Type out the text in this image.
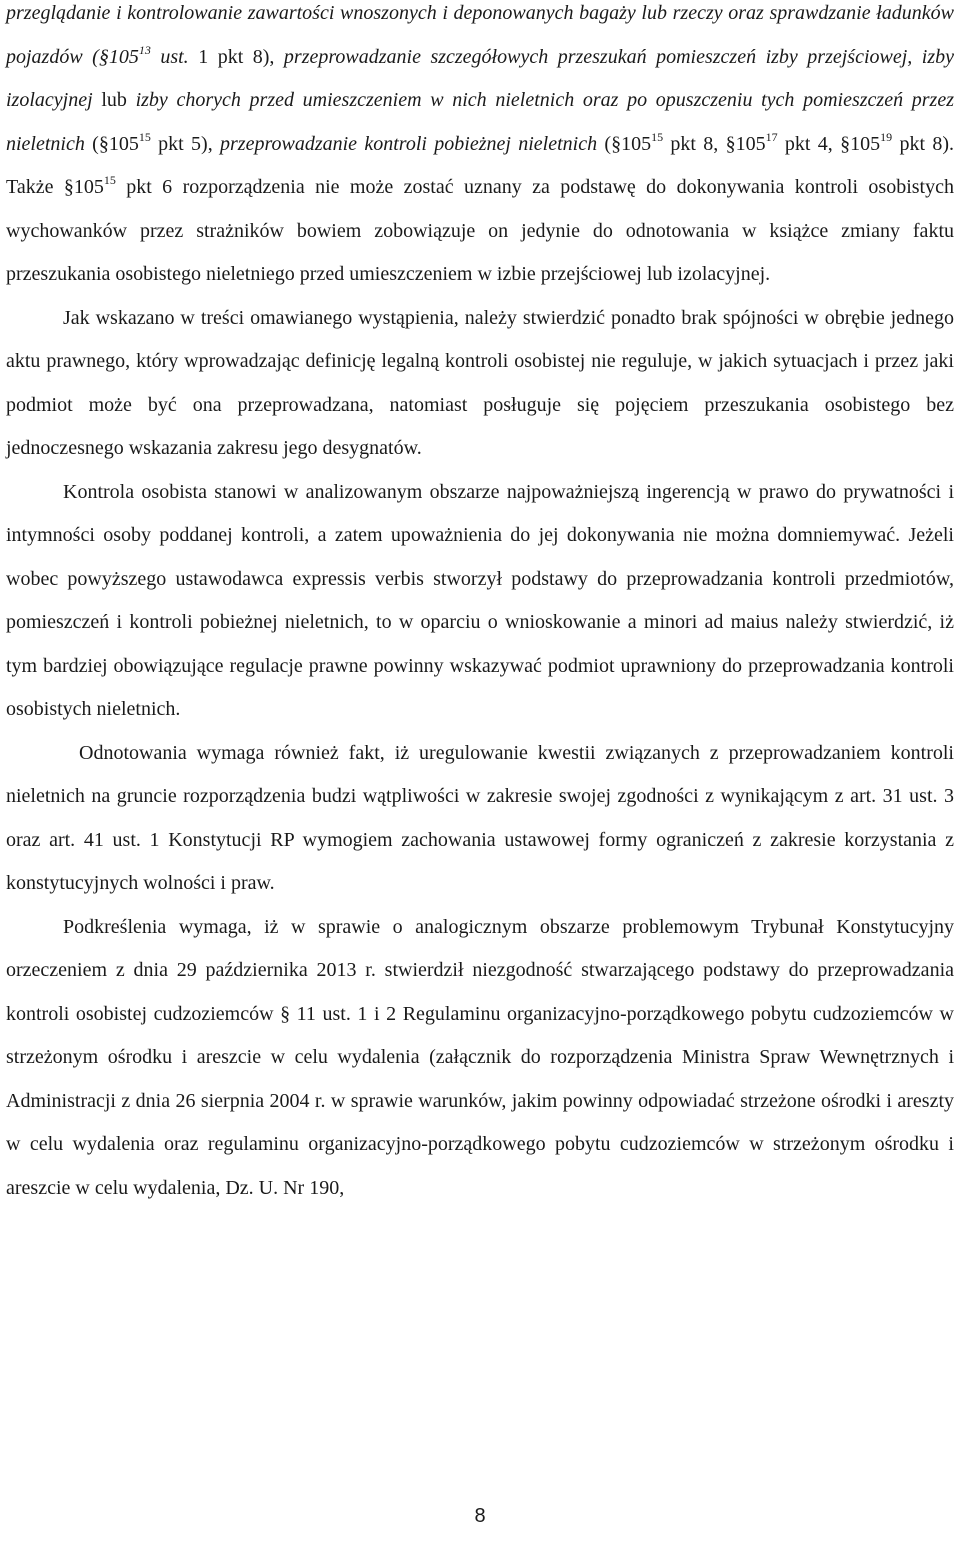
przeglądanie i kontrolowanie zawartości wnoszonych i deponowanych bagaży lub rzeczy oraz sprawdzanie ładunków pojazdów ($\S 105^{13}$ ust. 1 pkt 8), przeprowadzanie szczegółowych przeszukań pomieszczeń izby przejściowej, izby izolacyjnej lub izby chorych przed umieszczeniem w nich nieletnich oraz po opuszczeniu tych pomieszczeń przez nieletnich ($\S 105^{15}$ pkt 5), przeprowadzanie kontroli pobieżnej nieletnich ($\S 105^{15}$ pkt 8, $\S 105^{17}$ pkt 4, $\S 105^{19}$ pkt 8). Także $\S 105^{15}$ pkt 6 rozporządzenia nie może zostać uznany za podstawę do dokonywania kontroli osobistych wychowanków przez strażników bowiem zobowiązuje on jedynie do odnotowania w książce zmiany faktu przeszukania osobistego nieletniego przed umieszczeniem w izbie przejściowej lub izolacyjnej.

Jak wskazano w treści omawianego wystąpienia, należy stwierdzić ponadto brak spójności w obrębie jednego aktu prawnego, który wprowadzając definicję legalną kontroli osobistej nie reguluje, w jakich sytuacjach i przez jaki podmiot może być ona przeprowadzana, natomiast posługuje się pojęciem przeszukania osobistego bez jednoczesnego wskazania zakresu jego desygnatów.

Kontrola osobista stanowi w analizowanym obszarze najpoważniejszą ingerencją w prawo do prywatności i intymności osoby poddanej kontroli, a zatem upoważnienia do jej dokonywania nie można domniemywać. Jeżeli wobec powyższego ustawodawca expressis verbis stworzył podstawy do przeprowadzania kontroli przedmiotów, pomieszczeń i kontroli pobieżnej nieletnich, to w oparciu o wnioskowanie a minori ad maius należy stwierdzić, iż tym bardziej obowiązujące regulacje prawne powinny wskazywać podmiot uprawniony do przeprowadzania kontroli osobistych nieletnich.

Odnotowania wymaga również fakt, iż uregulowanie kwestii związanych z przeprowadzaniem kontroli nieletnich na gruncie rozporządzenia budzi wątpliwości w zakresie swojej zgodności z wynikającym z art. 31 ust. 3 oraz art. 41 ust. 1 Konstytucji RP wymogiem zachowania ustawowej formy ograniczeń z zakresie korzystania z konstytucyjnych wolności i praw.

Podkreślenia wymaga, iż w sprawie o analogicznym obszarze problemowym Trybunał Konstytucyjny orzeczeniem z dnia 29 października 2013 r. stwierdził niezgodność stwarzającego podstawy do przeprowadzania kontroli osobistej cudzoziemców § 11 ust. 1 i 2 Regulaminu organizacyjno-porządkowego pobytu cudzoziemców w strzeżonym ośrodku i areszcie w celu wydalenia (załącznik do rozporządzenia Ministra Spraw Wewnętrznych i Administracji z dnia 26 sierpnia 2004 r. w sprawie warunków, jakim powinny odpowiadać strzeżone ośrodki i areszty w celu wydalenia oraz regulaminu organizacyjno-porządkowego pobytu cudzoziemców w strzeżonym ośrodku i areszcie w celu wydalenia, Dz. U. Nr 190,

8
